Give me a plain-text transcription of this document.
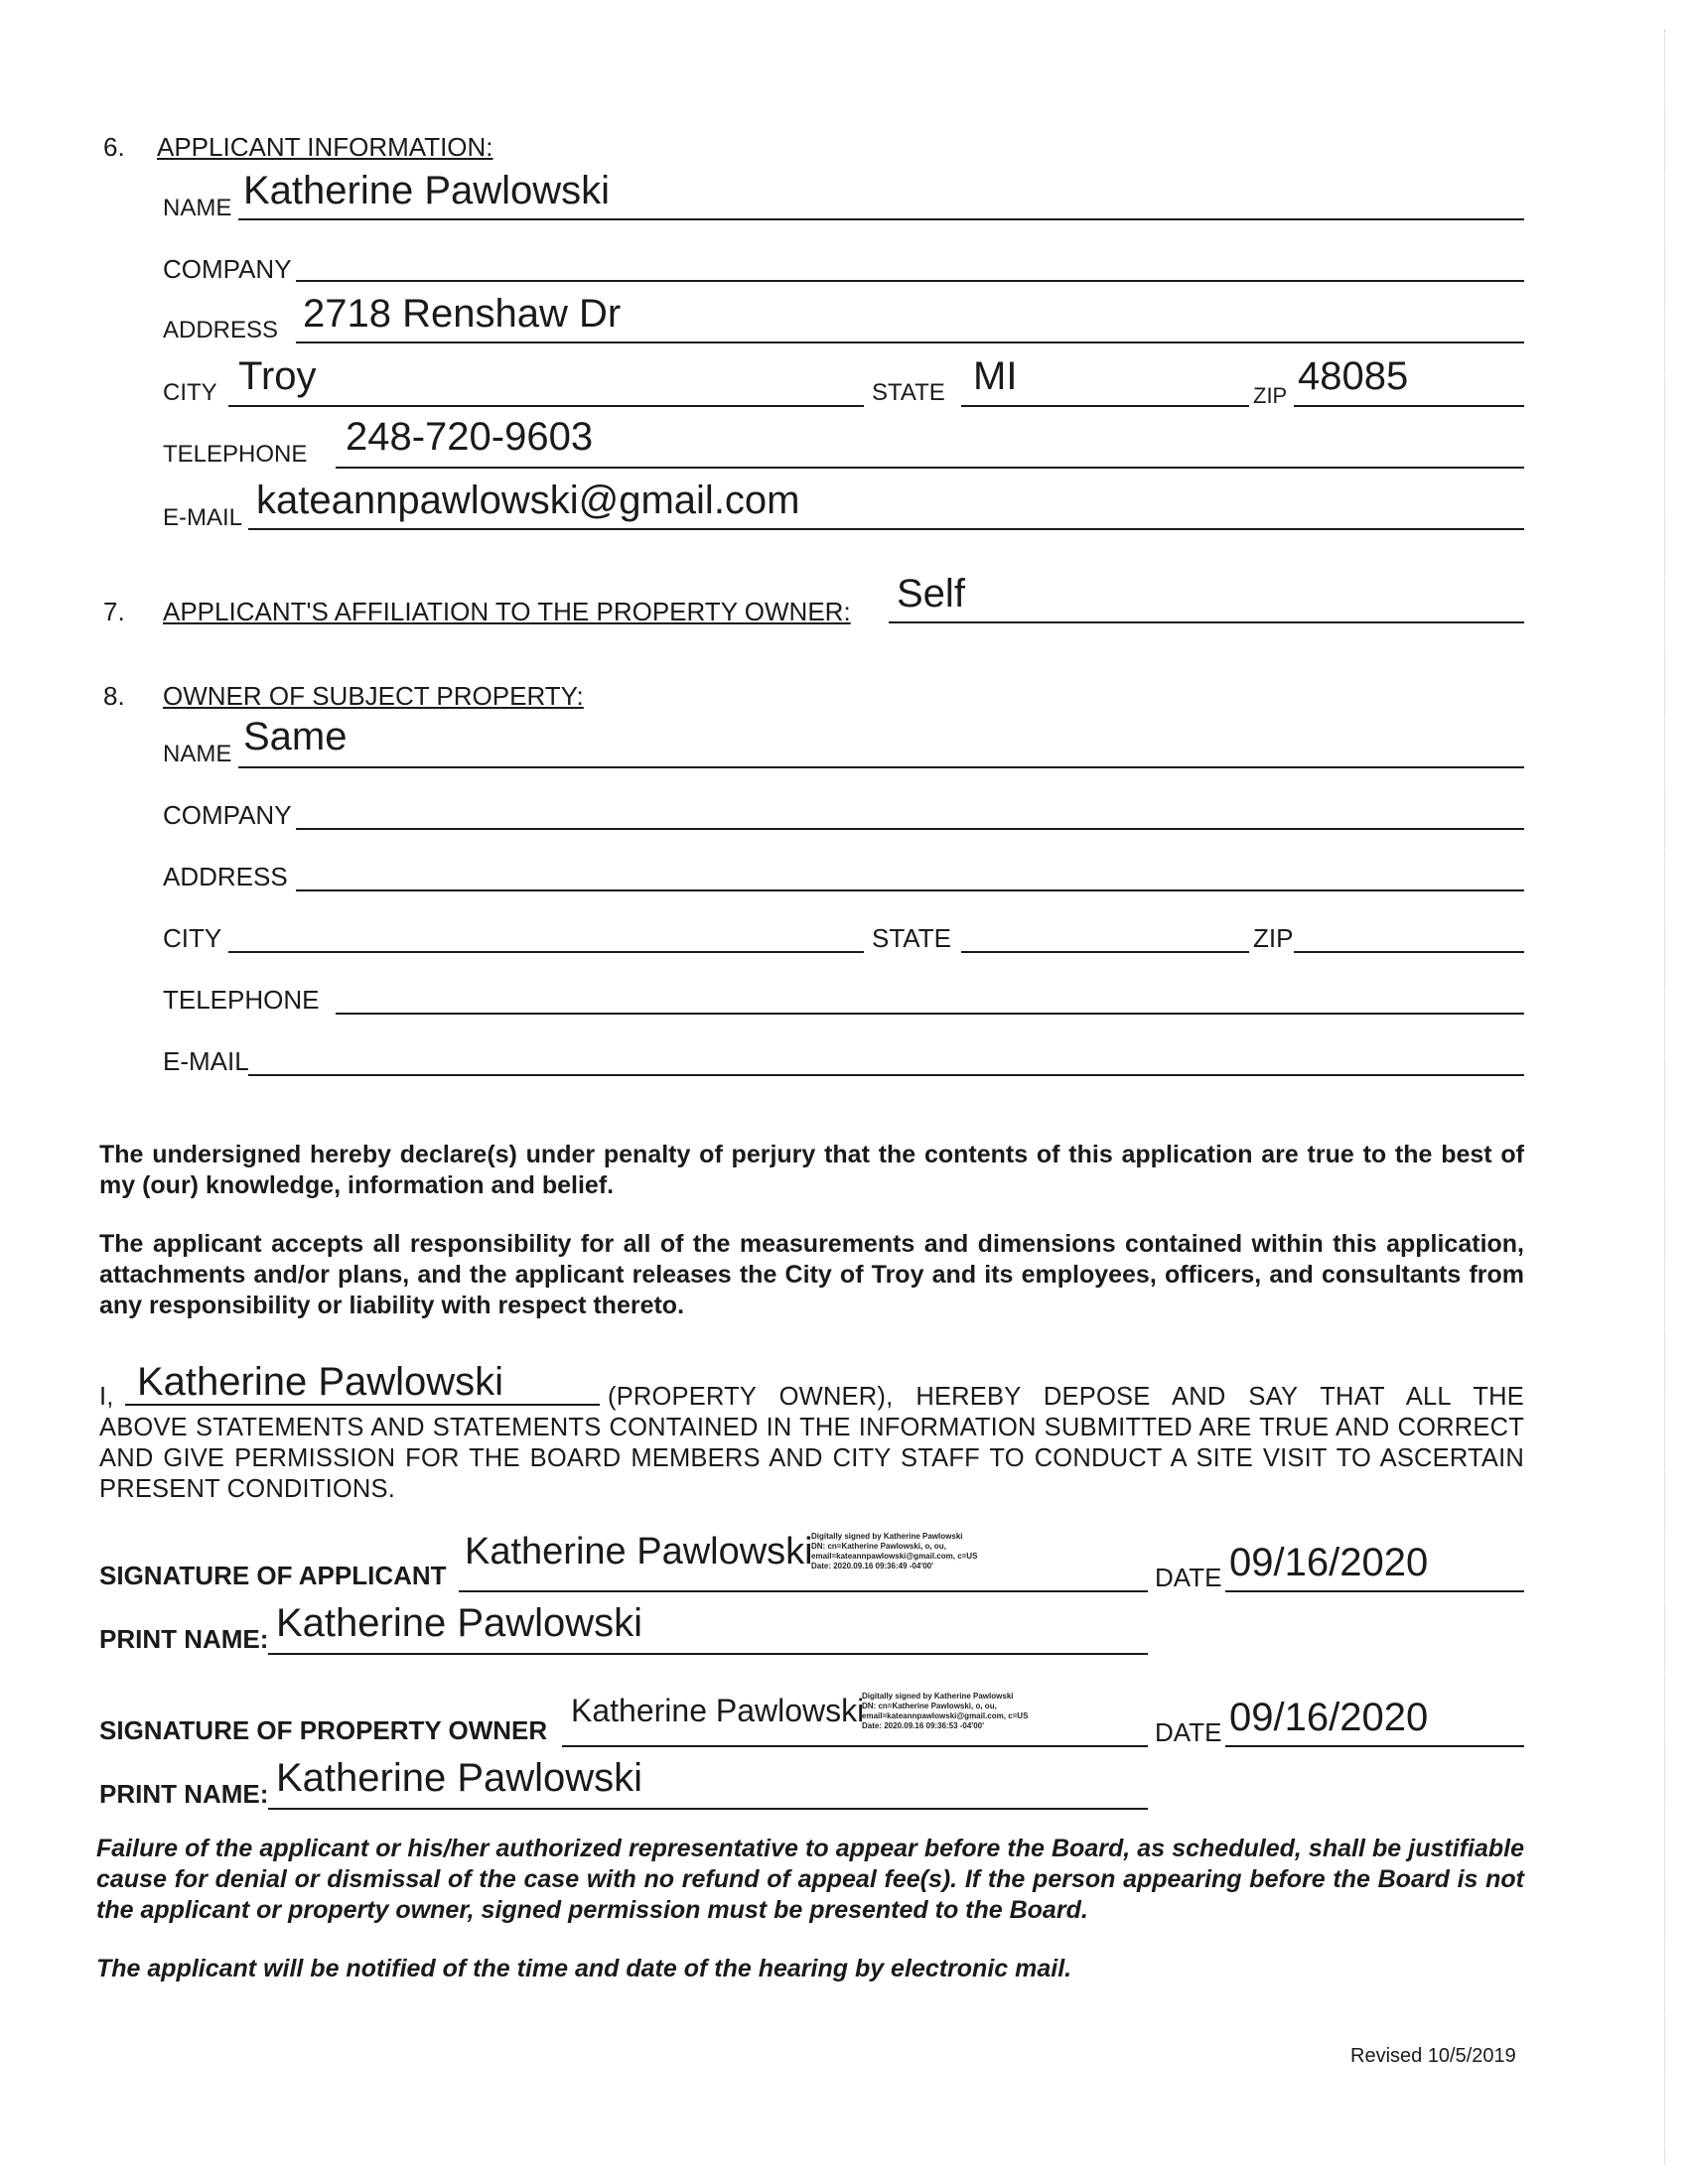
6. APPLICANT INFORMATION:
NAME Katherine Pawlowski
COMPANY
ADDRESS 2718 Renshaw Dr
CITY Troy	STATE MI	ZIP 48085
TELEPHONE 248-720-9603
E-MAIL kateannpawlowski@gmail.com
7. APPLICANT'S AFFILIATION TO THE PROPERTY OWNER: Self
8. OWNER OF SUBJECT PROPERTY:
NAME Same
COMPANY
ADDRESS
CITY	STATE	ZIP
TELEPHONE
E-MAIL
The undersigned hereby declare(s) under penalty of perjury that the contents of this application are true to the best of my (our) knowledge, information and belief.
The applicant accepts all responsibility for all of the measurements and dimensions contained within this application, attachments and/or plans, and the applicant releases the City of Troy and its employees, officers, and consultants from any responsibility or liability with respect thereto.
I, Katherine Pawlowski	(PROPERTY OWNER), HEREBY DEPOSE AND SAY THAT ALL THE
ABOVE STATEMENTS AND STATEMENTS CONTAINED IN THE INFORMATION SUBMITTED ARE TRUE AND CORRECT AND GIVE PERMISSION FOR THE BOARD MEMBERS AND CITY STAFF TO CONDUCT A SITE VISIT TO ASCERTAIN PRESENT CONDITIONS.
SIGNATURE OF APPLICANT
Katherine Pawlowski
Digitally signed by Katherine Pawlowski
DN: cn=Katherine Pawlowski, o, ou,
email=kateannpawlowski@gmail.com, c=US
Date: 2020.09.16 09:36:49 -04'00'	DATE 09/16/2020
PRINT NAME: Katherine Pawlowski
SIGNATURE OF PROPERTY OWNER
Katherine Pawlowski
Digitally signed by Katherine Pawlowski
DN: cn=Katherine Pawlowski, o, ou,
email=kateannpawlowski@gmail.com, c=US
Date: 2020.09.16 09:36:53 -04'00'	DATE 09/16/2020
PRINT NAME: Katherine Pawlowski
Failure of the applicant or his/her authorized representative to appear before the Board, as scheduled, shall be justifiable cause for denial or dismissal of the case with no refund of appeal fee(s). If the person appearing before the Board is not the applicant or property owner, signed permission must be presented to the Board.
The applicant will be notified of the time and date of the hearing by electronic mail.
Revised 10/5/2019
